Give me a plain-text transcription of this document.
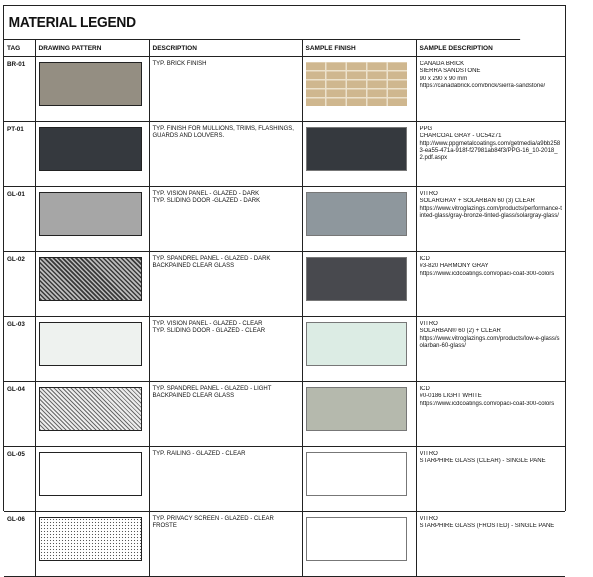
MATERIAL LEGEND
TAG	DRAWING PATTERN	DESCRIPTION	SAMPLE FINISH	SAMPLE DESCRIPTION
BR-01		TYP. BRICK FINISH		CANADA BRICK
SIERRA SANDSTONE
90 x 290 x 90 mm
https://canadabrick.com/brick/sierra-sandstone/

PT-01		TYP. FINISH FOR MULLIONS, TRIMS, FLASHINGS, GUARDS AND LOUVERS.		PPG
CHARCOAL GRAY - UC54271
http://www.ppgmetalcoatings.com/getmedia/a9bb2583-ea55-471a-918f-f27981ab84f3/PPG-16_10-2018_2.pdf.aspx
GL-01		TYP. VISION PANEL - GLAZED - DARK
TYP. SLIDING DOOR -GLAZED - DARK		VITRO
SOLARGRAY + SOLARBAN 60 (3) CLEAR
https://www.vitroglazings.com/products/performance-tinted-glass/gray-bronze-tinted-glass/solargray-glass/
GL-02		TYP. SPANDREL PANEL - GLAZED - DARK BACKPAINED CLEAR GLASS		ICD
#3-820 HARMONY GRAY
https://www.icdcoatings.com/opaci-coat-300-colors

GL-03		TYP. VISION PANEL - GLAZED - CLEAR
TYP. SLIDING DOOR - GLAZED - CLEAR		VITRO
SOLARBAN® 60 (2) + CLEAR
https://www.vitroglazings.com/products/low-e-glass/solarban-60-glass/
GL-04		TYP. SPANDREL PANEL - GLAZED - LIGHT BACKPAINED CLEAR GLASS		ICD
#0-0186 LIGHT WHITE
https://www.icdcoatings.com/opaci-coat-300-colors

GL-05		TYP. RAILING - GLAZED - CLEAR		VITRO
STARPHIRE GLASS (CLEAR) - SINGLE PANE

GL-06		TYP. PRIVACY SCREEN - GLAZED - CLEAR FROSTE		VITRO
STARPHIRE GLASS (FROSTED) - SINGLE PANE
